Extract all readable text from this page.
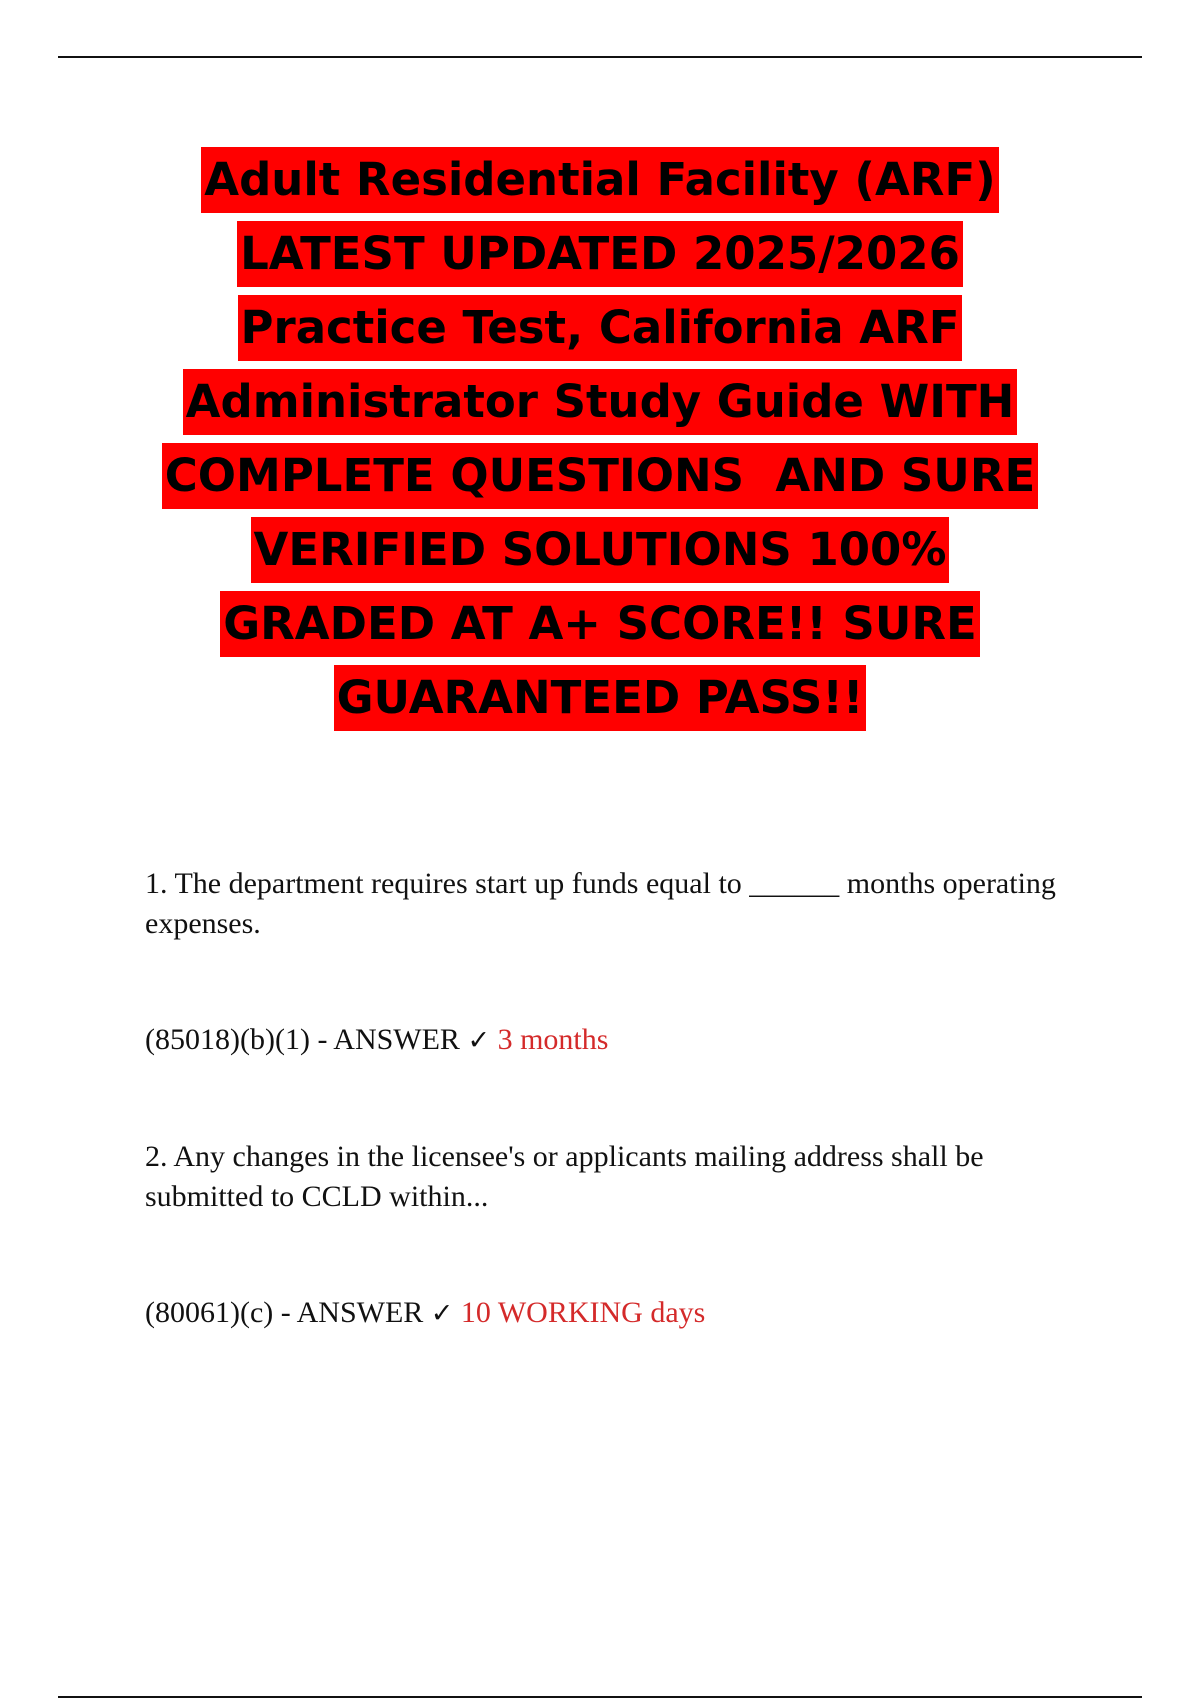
Adult Residential Facility (ARF)
LATEST UPDATED 2025/2026
Practice Test, California ARF
Administrator Study Guide WITH
COMPLETE QUESTIONS  AND SURE
VERIFIED SOLUTIONS 100%
GRADED AT A+ SCORE!! SURE
GUARANTEED PASS!!
1. The department requires start up funds equal to ______ months operating expenses.
(85018)(b)(1) - ANSWER ✓ 3 months
2. Any changes in the licensee's or applicants mailing address shall be submitted to CCLD within...
(80061)(c) - ANSWER ✓ 10 WORKING days
